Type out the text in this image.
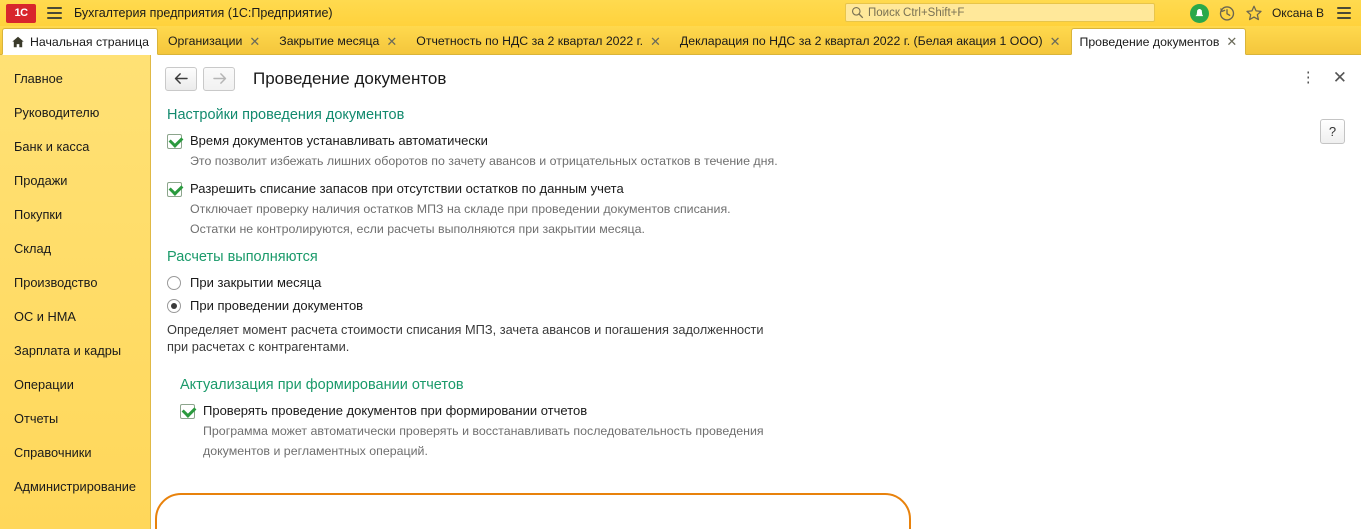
1C	Бухгалтерия предприятия (1С:Предприятие)	Поиск Ctrl+Shift+F	Оксана В
Начальная страница Организации ✕ Закрытие месяца ✕ Отчетность по НДС за 2 квартал 2022 г. ✕ Декларация по НДС за 2 квартал 2022 г. (Белая акация 1 ООО) ✕ Проведение документов ✕
Главное
Руководителю
Банк и касса
Продажи
Покупки
Склад
Производство
ОС и НМА
Зарплата и кадры
Операции
Отчеты
Справочники
Администрирование
Проведение документов	⋮ ✕
?
Настройки проведения документов
Время документов устанавливать автоматически
Это позволит избежать лишних оборотов по зачету авансов и отрицательных остатков в течение дня.
Разрешить списание запасов при отсутствии остатков по данным учета
Отключает проверку наличия остатков МПЗ на складе при проведении документов списания.
Остатки не контролируются, если расчеты выполняются при закрытии месяца.
Расчеты выполняются
При закрытии месяца
При проведении документов
Определяет момент расчета стоимости списания МПЗ, зачета авансов и погашения задолженности
при расчетах с контрагентами.
Актуализация при формировании отчетов
Проверять проведение документов при формировании отчетов
Программа может автоматически проверять и восстанавливать последовательность проведения
документов и регламентных операций.
